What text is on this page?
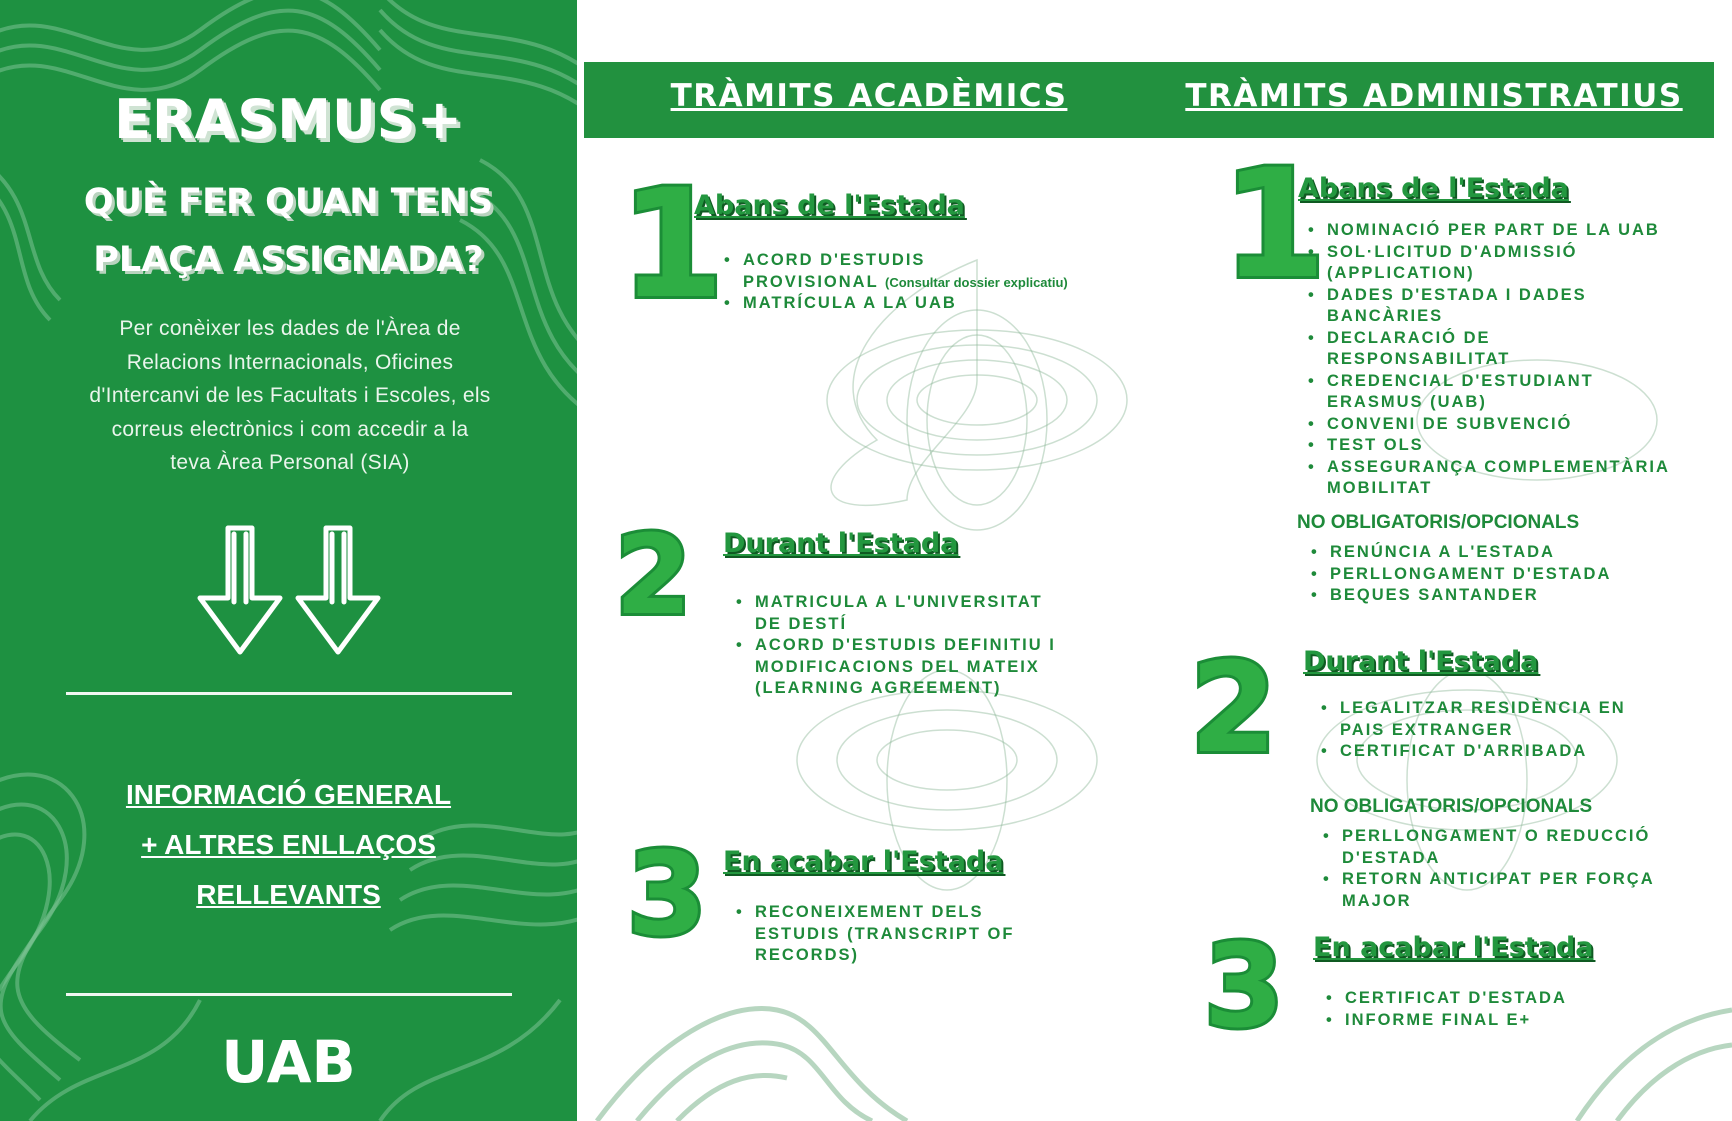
ERASMUS+
QUÈ FER QUAN TENS
PLAÇA ASSIGNADA?
Per conèixer les dades de l'Àrea de
Relacions Internacionals, Oficines
d'Intercanvi de les Facultats i Escoles, els
correus electrònics i com accedir a la
teva Àrea Personal (SIA)
INFORMACIÓ GENERAL
+ ALTRES ENLLAÇOS
RELLEVANTS
UAB
TRÀMITS ACADÈMICS	TRÀMITS ADMINISTRATIUS
1
Abans de l'Estada
• ACORD D'ESTUDIS
PROVISIONAL (Consultar dossier explicatiu)
• MATRÍCULA A LA UAB
2 Durant l'Estada
• MATRICULA A L'UNIVERSITAT
DE DESTÍ
• ACORD D'ESTUDIS DEFINITIU I
MODIFICACIONS DEL MATEIX
(LEARNING AGREEMENT)
3 En acabar l'Estada
• RECONEIXEMENT DELS
ESTUDIS (TRANSCRIPT OF
RECORDS)
1
Abans de l'Estada
• NOMINACIÓ PER PART DE LA UAB
• SOL·LICITUD D'ADMISSIÓ
(APPLICATION)
• DADES D'ESTADA I DADES
BANCÀRIES
• DECLARACIÓ DE
RESPONSABILITAT
• CREDENCIAL D'ESTUDIANT
ERASMUS (UAB)
• CONVENI DE SUBVENCIÓ
• TEST OLS
• ASSEGURANÇA COMPLEMENTÀRIA
MOBILITAT
NO OBLIGATORIS/OPCIONALS
• RENÚNCIA A L'ESTADA
• PERLLONGAMENT D'ESTADA
• BEQUES SANTANDER
2 Durant l'Estada
• LEGALITZAR RESIDÈNCIA EN
PAIS EXTRANGER
• CERTIFICAT D'ARRIBADA
NO OBLIGATORIS/OPCIONALS
• PERLLONGAMENT O REDUCCIÓ
D'ESTADA
• RETORN ANTICIPAT PER FORÇA
MAJOR
3 En acabar l'Estada
• CERTIFICAT D'ESTADA
• INFORME FINAL E+
